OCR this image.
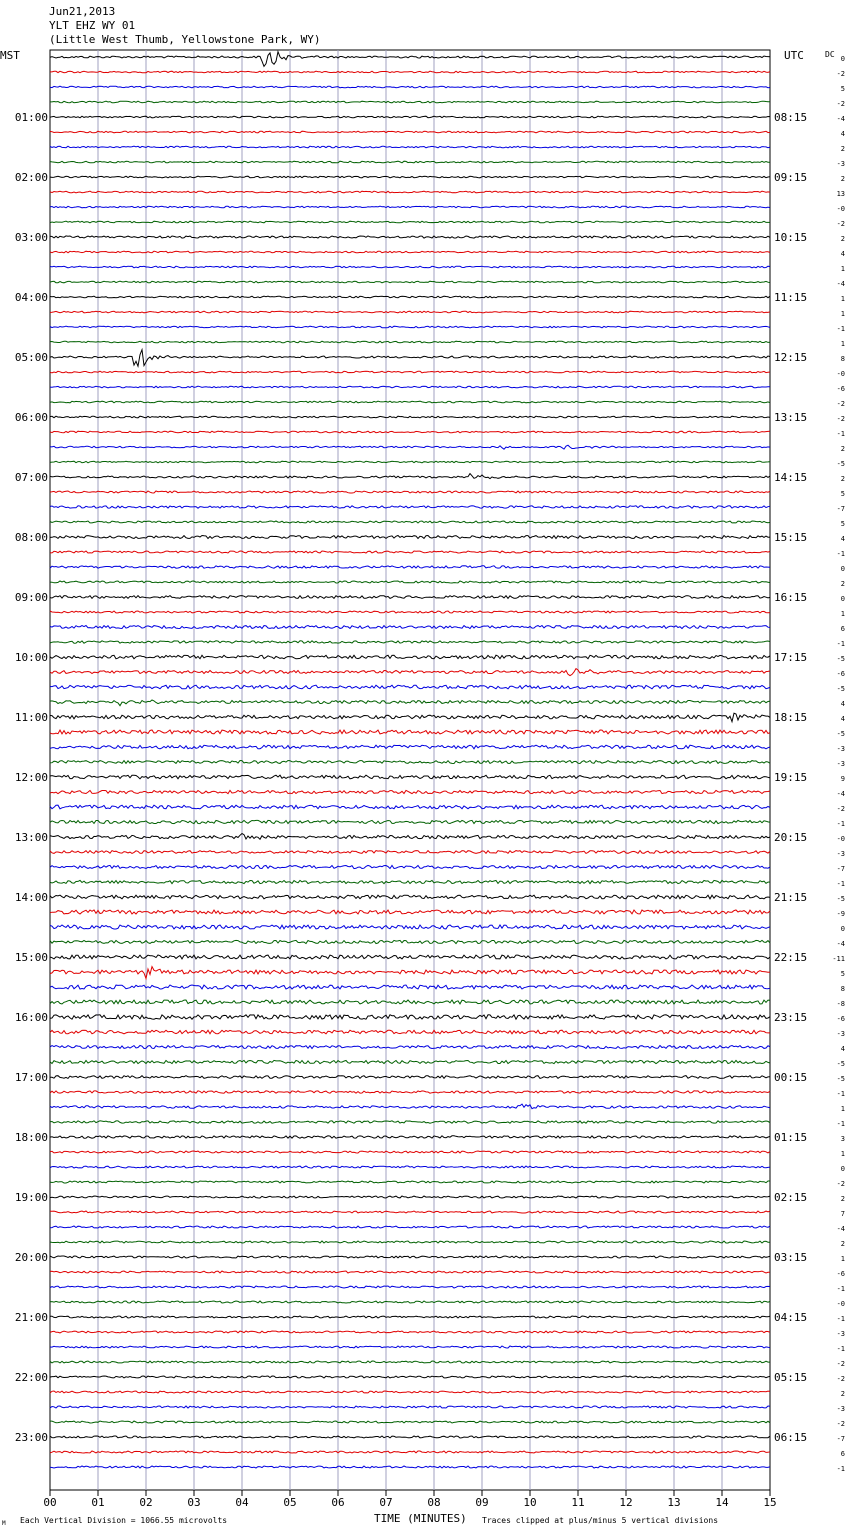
01:00
02:00
03:00
04:00
05:00
06:00
07:00
08:00
09:00
10:00
11:00
12:00
13:00
14:00
15:00
16:00
17:00
18:00
19:00
20:00
21:00
22:00
23:00
08:15
09:15
10:15
11:15
12:15
13:15
14:15
15:15
16:15
17:15
18:15
19:15
20:15
21:15
22:15
23:15
00:15
01:15
02:15
03:15
04:15
05:15
06:15
0
-2
5
-2
-4
4
2
-3
2
13
-0
-2
2
4
1
-4
1
1
-1
1
8
-0
-6
-2
-2
-1
2
-5
2
5
-7
5
4
-1
0
2
0
1
6
-1
-5
-6
-5
4
4
-5
-3
-3
9
-4
-2
-1
-0
-3
-7
-1
-5
-9
0
-4
-11
5
8
-8
-6
-3
4
-5
-5
-1
1
-1
3
1
0
-2
2
7
-4
2
1
-6
-1
-0
-1
-3
-1
-2
-2
2
-3
-2
-7
6
-1
00	01	02	03	04	05	06	07	08	09	10	11	12	13	14	15
Jun21,2013
YLT EHZ WY 01
(Little West Thumb, Yellowstone Park, WY)
MST	UTC	DC
TIME (MINUTES)
Each Vertical Division = 1066.55 microvolts	Traces clipped at plus/minus 5 vertical divisions
M
